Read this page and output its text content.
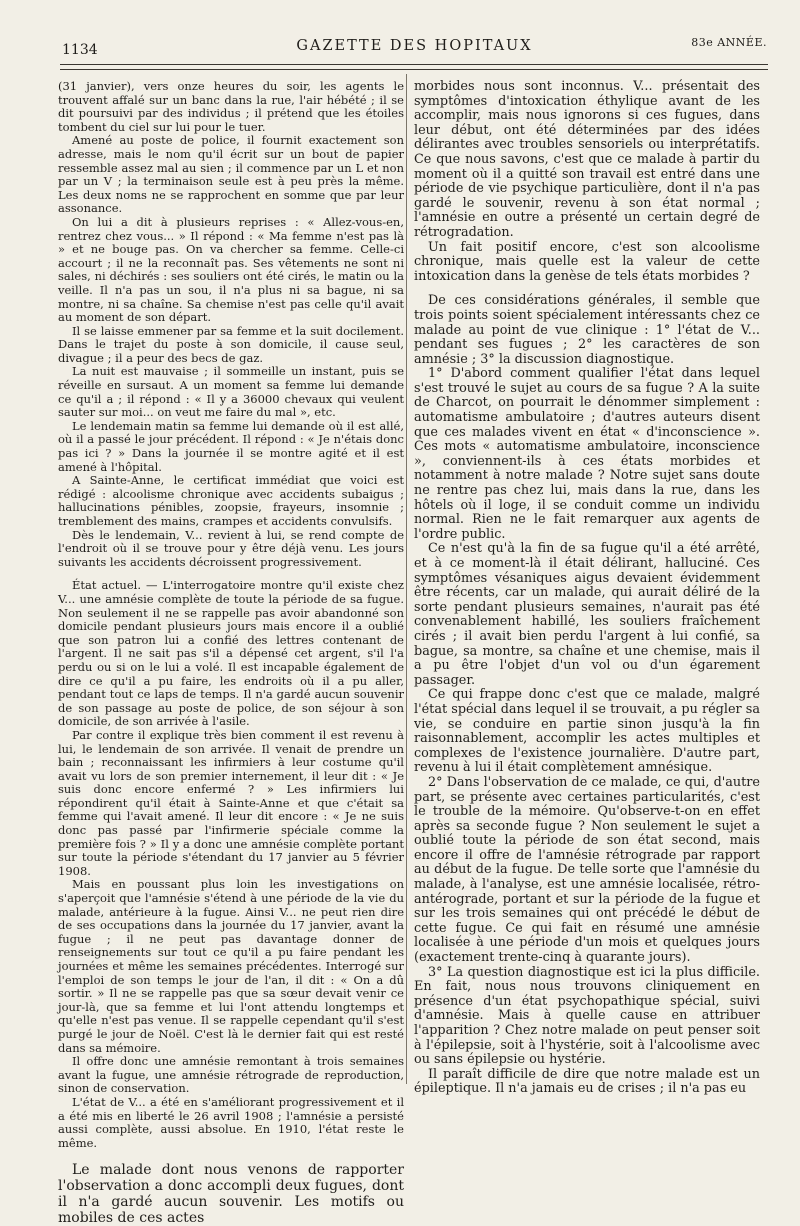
1134	GAZETTE DES HOPITAUX	83e ANNÉE.

(31 janvier), vers onze heures du soir, les agents le trouvent affalé sur un banc dans la rue, l'air hébété ; il se dit poursuivi par des individus ; il prétend que les étoiles tombent du ciel sur lui pour le tuer.

Amené au poste de police, il fournit exactement son adresse, mais le nom qu'il écrit sur un bout de papier ressemble assez mal au sien ; il commence par un L et non par un V ; la terminaison seule est à peu près la même. Les deux noms ne se rapprochent en somme que par leur assonance.

On lui a dit à plusieurs reprises : « Allez-vous-en, rentrez chez vous... » Il répond : « Ma femme n'est pas là » et ne bouge pas. On va chercher sa femme. Celle-ci accourt ; il ne la reconnaît pas. Ses vêtements ne sont ni sales, ni déchirés : ses souliers ont été cirés, le matin ou la veille. Il n'a pas un sou, il n'a plus ni sa bague, ni sa montre, ni sa chaîne. Sa chemise n'est pas celle qu'il avait au moment de son départ.

Il se laisse emmener par sa femme et la suit docilement. Dans le trajet du poste à son domicile, il cause seul, divague ; il a peur des becs de gaz.

La nuit est mauvaise ; il sommeille un instant, puis se réveille en sursaut. A un moment sa femme lui demande ce qu'il a ; il répond : « Il y a 36000 chevaux qui veulent sauter sur moi... on veut me faire du mal », etc.

Le lendemain matin sa femme lui demande où il est allé, où il a passé le jour précédent. Il répond : « Je n'étais donc pas ici ? » Dans la journée il se montre agité et il est amené à l'hôpital.

A Sainte-Anne, le certificat immédiat que voici est rédigé : alcoolisme chronique avec accidents subaigus ; hallucinations pénibles, zoopsie, frayeurs, insomnie ; tremblement des mains, crampes et accidents convulsifs.

Dès le lendemain, V... revient à lui, se rend compte de l'endroit où il se trouve pour y être déjà venu. Les jours suivants les accidents décroissent progressivement.

État actuel. — L'interrogatoire montre qu'il existe chez V... une amnésie complète de toute la période de sa fugue. Non seulement il ne se rappelle pas avoir abandonné son domicile pendant plusieurs jours mais encore il a oublié que son patron lui a confié des lettres contenant de l'argent. Il ne sait pas s'il a dépensé cet argent, s'il l'a perdu ou si on le lui a volé. Il est incapable également de dire ce qu'il a pu faire, les endroits où il a pu aller, pendant tout ce laps de temps. Il n'a gardé aucun souvenir de son passage au poste de police, de son séjour à son domicile, de son arrivée à l'asile.

Par contre il explique très bien comment il est revenu à lui, le lendemain de son arrivée. Il venait de prendre un bain ; reconnaissant les infirmiers à leur costume qu'il avait vu lors de son premier internement, il leur dit : « Je suis donc encore enfermé ? » Les infirmiers lui répondirent qu'il était à Sainte-Anne et que c'était sa femme qui l'avait amené. Il leur dit encore : « Je ne suis donc pas passé par l'infirmerie spéciale comme la première fois ? » Il y a donc une amnésie complète portant sur toute la période s'étendant du 17 janvier au 5 février 1908.

Mais en poussant plus loin les investigations on s'aperçoit que l'amnésie s'étend à une période de la vie du malade, antérieure à la fugue. Ainsi V... ne peut rien dire de ses occupations dans la journée du 17 janvier, avant la fugue ; il ne peut pas davantage donner de renseignements sur tout ce qu'il a pu faire pendant les journées et même les semaines précédentes. Interrogé sur l'emploi de son temps le jour de l'an, il dit : « On a dû sortir. » Il ne se rappelle pas que sa sœur devait venir ce jour-là, que sa femme et lui l'ont attendu longtemps et qu'elle n'est pas venue. Il se rappelle cependant qu'il s'est purgé le jour de Noël. C'est là le dernier fait qui est resté dans sa mémoire.

Il offre donc une amnésie remontant à trois semaines avant la fugue, une amnésie rétrograde de reproduction, sinon de conservation.

L'état de V... a été en s'améliorant progressivement et il a été mis en liberté le 26 avril 1908 ; l'amnésie a persisté aussi complète, aussi absolue. En 1910, l'état reste le même.

Le malade dont nous venons de rapporter l'observation a donc accompli deux fugues, dont il n'a gardé aucun souvenir. Les motifs ou mobiles de ces actes

morbides nous sont inconnus. V... présentait des symptômes d'intoxication éthylique avant de les accomplir, mais nous ignorons si ces fugues, dans leur début, ont été déterminées par des idées délirantes avec troubles sensoriels ou interprétatifs. Ce que nous savons, c'est que ce malade à partir du moment où il a quitté son travail est entré dans une période de vie psychique particulière, dont il n'a pas gardé le souvenir, revenu à son état normal ; l'amnésie en outre a présenté un certain degré de rétrogradation.

Un fait positif encore, c'est son alcoolisme chronique, mais quelle est la valeur de cette intoxication dans la genèse de tels états morbides ?

De ces considérations générales, il semble que trois points soient spécialement intéressants chez ce malade au point de vue clinique : 1° l'état de V... pendant ses fugues ; 2° les caractères de son amnésie ; 3° la discussion diagnostique.

1° D'abord comment qualifier l'état dans lequel s'est trouvé le sujet au cours de sa fugue ? A la suite de Charcot, on pourrait le dénommer simplement : automatisme ambulatoire ; d'autres auteurs disent que ces malades vivent en état « d'inconscience ». Ces mots « automatisme ambulatoire, inconscience », conviennent-ils à ces états morbides et notamment à notre malade ? Notre sujet sans doute ne rentre pas chez lui, mais dans la rue, dans les hôtels où il loge, il se conduit comme un individu normal. Rien ne le fait remarquer aux agents de l'ordre public.

Ce n'est qu'à la fin de sa fugue qu'il a été arrêté, et à ce moment-là il était délirant, halluciné. Ces symptômes vésaniques aigus devaient évidemment être récents, car un malade, qui aurait déliré de la sorte pendant plusieurs semaines, n'aurait pas été convenablement habillé, les souliers fraîchement cirés ; il avait bien perdu l'argent à lui confié, sa bague, sa montre, sa chaîne et une chemise, mais il a pu être l'objet d'un vol ou d'un égarement passager.

Ce qui frappe donc c'est que ce malade, malgré l'état spécial dans lequel il se trouvait, a pu régler sa vie, se conduire en partie sinon jusqu'à la fin raisonnablement, accomplir les actes multiples et complexes de l'existence journalière. D'autre part, revenu à lui il était complètement amnésique.

2° Dans l'observation de ce malade, ce qui, d'autre part, se présente avec certaines particularités, c'est le trouble de la mémoire. Qu'observe-t-on en effet après sa seconde fugue ? Non seulement le sujet a oublié toute la période de son état second, mais encore il offre de l'amnésie rétrograde par rapport au début de la fugue. De telle sorte que l'amnésie du malade, à l'analyse, est une amnésie localisée, rétro-antérograde, portant et sur la période de la fugue et sur les trois semaines qui ont précédé le début de cette fugue. Ce qui fait en résumé une amnésie localisée à une période d'un mois et quelques jours (exactement trente-cinq à quarante jours).

3° La question diagnostique est ici la plus difficile. En fait, nous nous trouvons cliniquement en présence d'un état psychopathique spécial, suivi d'amnésie. Mais à quelle cause en attribuer l'apparition ? Chez notre malade on peut penser soit à l'épilepsie, soit à l'hystérie, soit à l'alcoolisme avec ou sans épilepsie ou hystérie.

Il paraît difficile de dire que notre malade est un épileptique. Il n'a jamais eu de crises ; il n'a pas eu
